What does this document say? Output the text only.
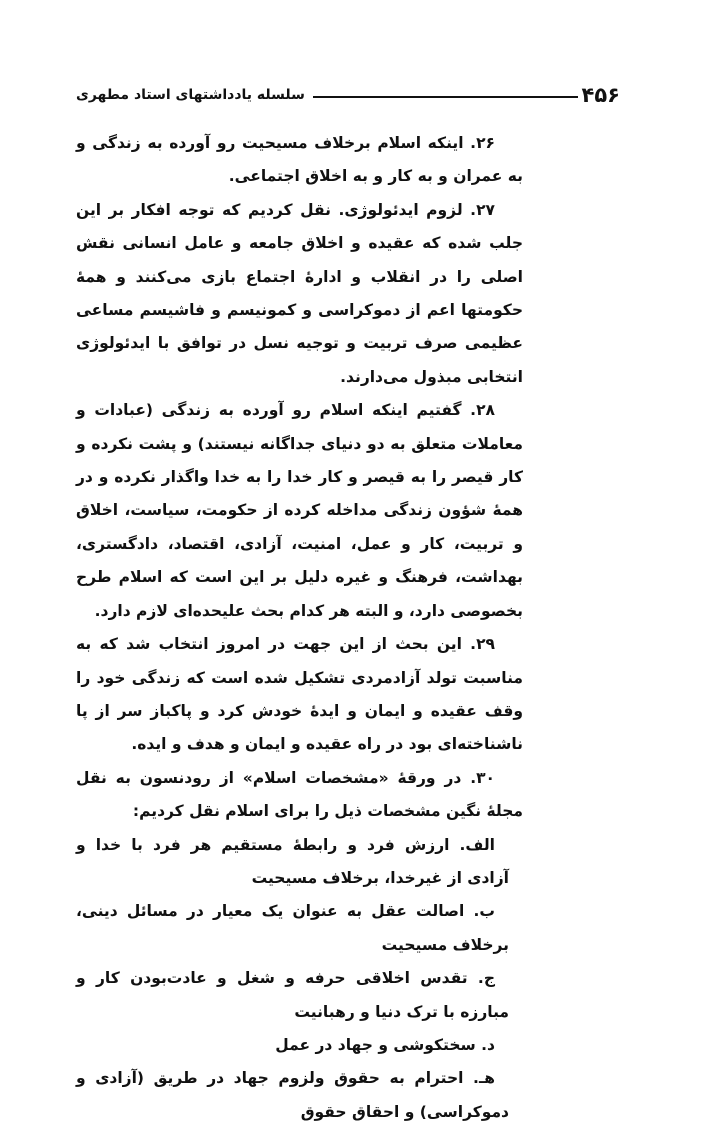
۴۵۶
سلسله یادداشتهای استاد مطهری

۲۶. اینکه اسلام برخلاف مسیحیت رو آورده به زندگی و به عمران و به کار و به اخلاق اجتماعی.

۲۷. لزوم ایدئولوژی. نقل کردیم که توجه افکار بر این جلب شده که عقیده و اخلاق جامعه و عامل انسانی نقش اصلی را در انقلاب و ادارهٔ اجتماع بازی می‌کنند و همهٔ حکومتها اعم از دموکراسی و کمونیسم و فاشیسم مساعی عظیمی صرف تربیت و توجیه نسل در توافق با ایدئولوژی انتخابی مبذول می‌دارند.

۲۸. گفتیم اینکه اسلام رو آورده به زندگی (عبادات و معاملات متعلق به دو دنیای جداگانه نیستند) و پشت نکرده و کار قیصر را به قیصر و کار خدا را به خدا واگذار نکرده و در همهٔ شؤون زندگی مداخله کرده از حکومت، سیاست، اخلاق و تربیت، کار و عمل، امنیت، آزادی، اقتصاد، دادگستری، بهداشت، فرهنگ و غیره دلیل بر این است که اسلام طرح بخصوصی دارد، و البته هر کدام بحث علیحده‌ای لازم دارد.

۲۹. این بحث از این جهت در امروز انتخاب شد که به مناسبت تولد آزادمردی تشکیل شده است که زندگی خود را وقف عقیده و ایمان و ایدهٔ خودش کرد و پاکباز سر از پا ناشناخته‌ای بود در راه عقیده و ایمان و هدف و ایده.

۳۰. در ورقهٔ «مشخصات اسلام» از رودنسون به نقل مجلهٔ نگین مشخصات ذیل را برای اسلام نقل کردیم:

الف. ارزش فرد و رابطهٔ مستقیم هر فرد با خدا و آزادی از غیرخدا، برخلاف مسیحیت

ب. اصالت عقل به عنوان یک معیار در مسائل دینی، برخلاف مسیحیت

ج. تقدس اخلاقی حرفه و شغل و عادت‌بودن کار و مبارزه با ترک دنیا و رهبانیت

د. سختکوشی و جهاد در عمل

هـ. احترام به حقوق ولزوم جهاد در طریق (آزادی و دموکراسی) و احقاق حقوق
